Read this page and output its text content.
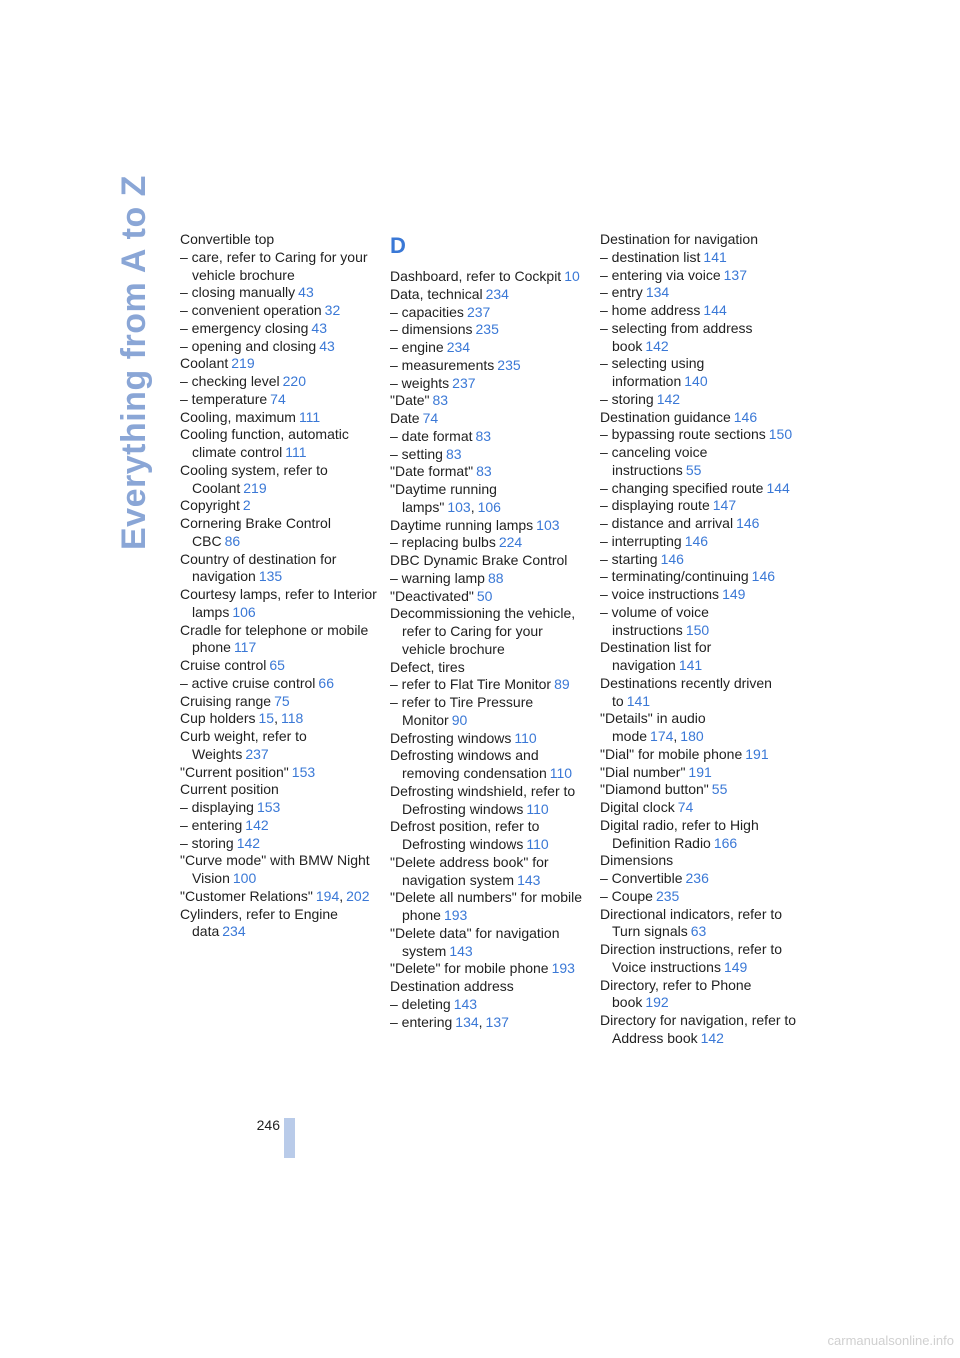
Everything from A to Z Convertible top
– care, refer to Caring for your vehicle brochure
– closing manually 43
– convenient operation 32
– emergency closing 43
– opening and closing 43
Coolant 219
– checking level 220
– temperature 74
Cooling, maximum 111
Cooling function, automatic climate control 111
Cooling system, refer to Coolant 219
Copyright 2
Cornering Brake Control CBC 86
Country of destination for navigation 135
Courtesy lamps, refer to Interior lamps 106
Cradle for telephone or mobile phone 117
Cruise control 65
– active cruise control 66
Cruising range 75
Cup holders 15, 118
Curb weight, refer to Weights 237
"Current position" 153
Current position
– displaying 153
– entering 142
– storing 142
"Curve mode" with BMW Night Vision 100
"Customer Relations" 194, 202
Cylinders, refer to Engine data 234
D
Dashboard, refer to Cockpit 10
Data, technical 234
– capacities 237
– dimensions 235
– engine 234
– measurements 235
– weights 237
"Date" 83
Date 74
– date format 83
– setting 83
"Date format" 83
"Daytime running lamps" 103, 106
Daytime running lamps 103
– replacing bulbs 224
DBC Dynamic Brake Control
– warning lamp 88
"Deactivated" 50
Decommissioning the vehicle, refer to Caring for your vehicle brochure
Defect, tires
– refer to Flat Tire Monitor 89
– refer to Tire Pressure Monitor 90
Defrosting windows 110
Defrosting windows and removing condensation 110
Defrosting windshield, refer to Defrosting windows 110
Defrost position, refer to Defrosting windows 110
"Delete address book" for navigation system 143
"Delete all numbers" for mobile phone 193
"Delete data" for navigation system 143
"Delete" for mobile phone 193
Destination address
– deleting 143
– entering 134, 137
Destination for navigation
– destination list 141
– entering via voice 137
– entry 134
– home address 144
– selecting from address book 142
– selecting using information 140
– storing 142
Destination guidance 146
– bypassing route sections 150
– canceling voice instructions 55
– changing specified route 144
– displaying route 147
– distance and arrival 146
– interrupting 146
– starting 146
– terminating/continuing 146
– voice instructions 149
– volume of voice instructions 150
Destination list for navigation 141
Destinations recently driven to 141
"Details" in audio mode 174, 180
"Dial" for mobile phone 191
"Dial number" 191
"Diamond button" 55
Digital clock 74
Digital radio, refer to High Definition Radio 166
Dimensions
– Convertible 236
– Coupe 235
Directional indicators, refer to Turn signals 63
Direction instructions, refer to Voice instructions 149
Directory, refer to Phone book 192
Directory for navigation, refer to Address book 142
246
carmanualsonline.info
